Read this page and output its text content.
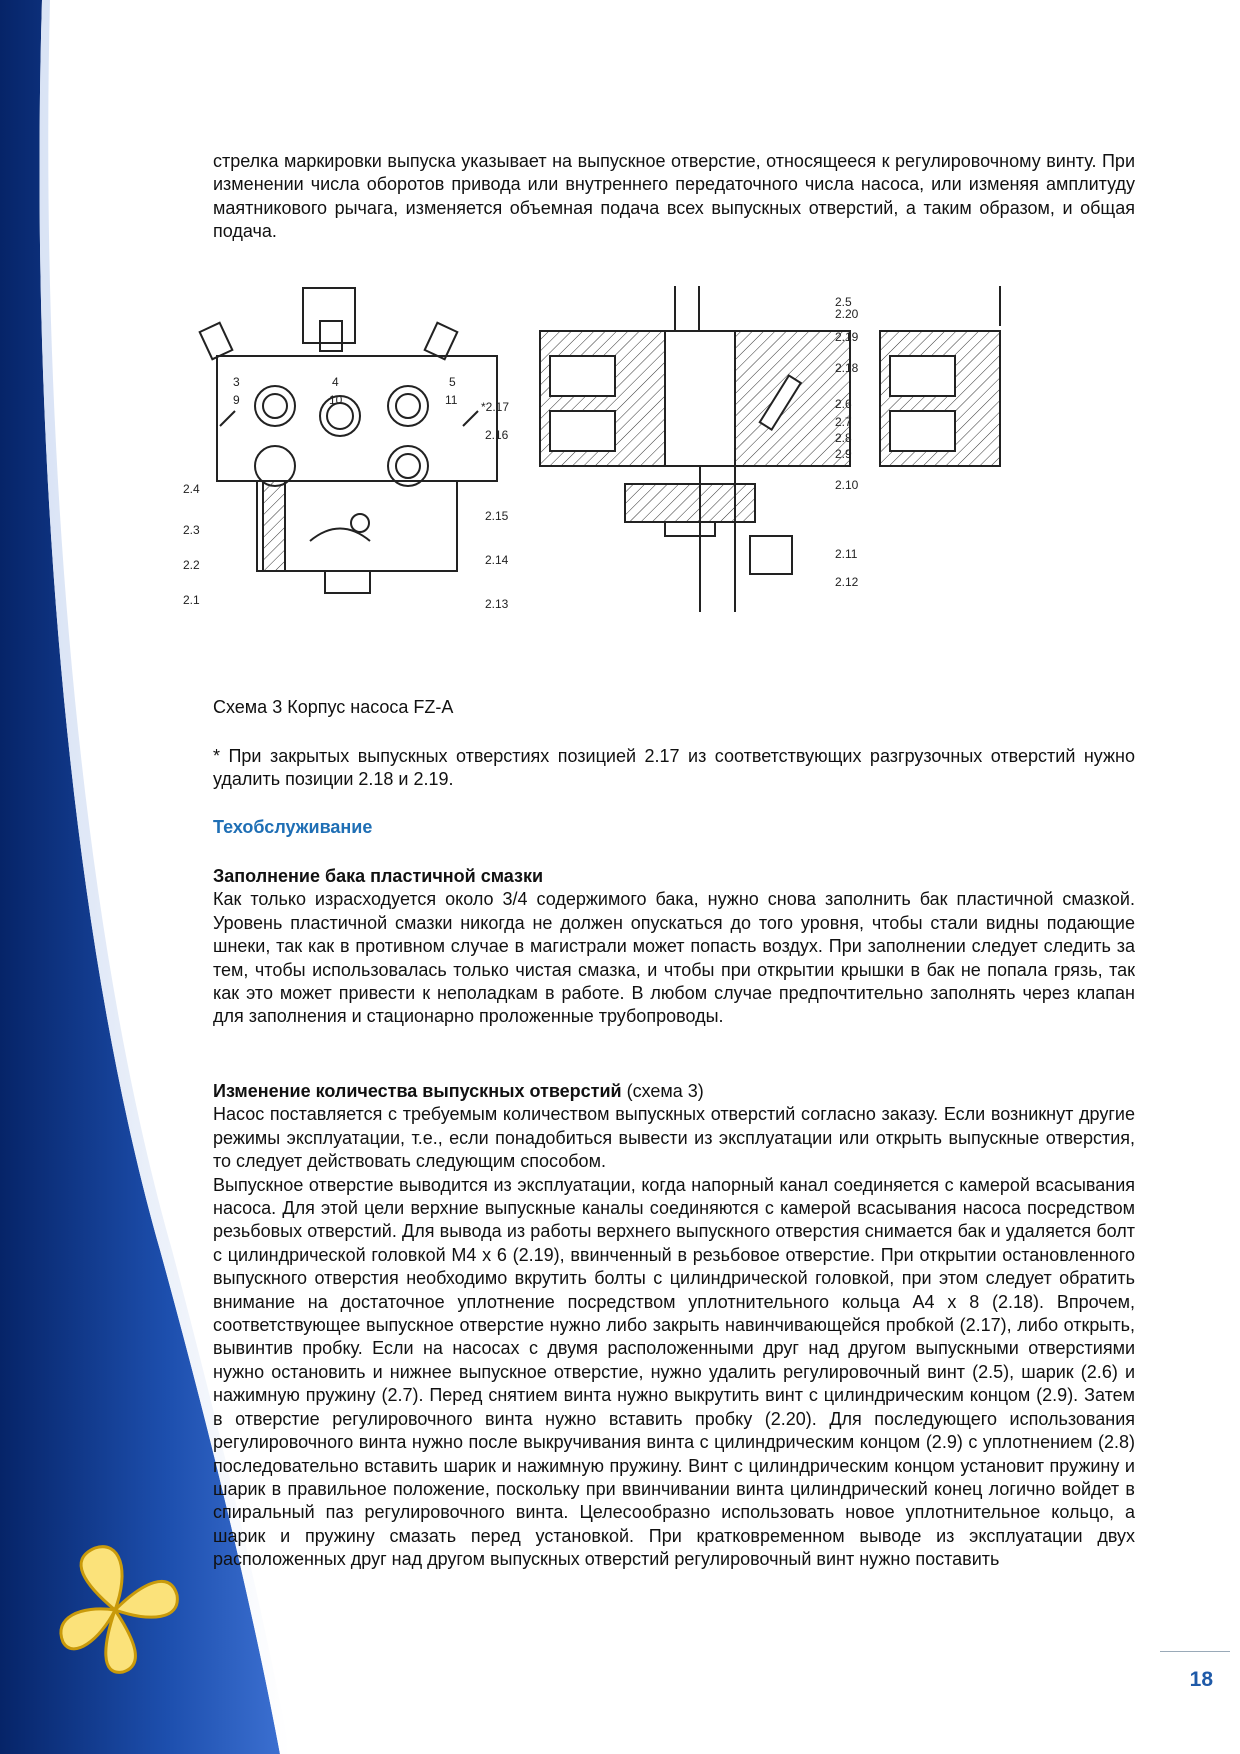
стрелка маркировки выпуска указывает на выпускное отверстие, относящееся к регулировочному винту. При изменении числа оборотов привода или внутреннего передаточного числа насоса, или изменяя амплитуду маятникового рычага, изменяется объемная подача всех выпускных отверстий, а таким образом, и общая подача.

3
9
4
10
5
11
2.4
2.3
2.2
2.1
*2.17
2.16
2.15
2.14
2.13
2.5
2.20
2.19
2.18
2.6
2.7
2.8
2.9
2.10
2.11
2.12
Схема 3 Корпус насоса FZ-A
* При закрытых выпускных отверстиях позицией 2.17 из соответствующих разгрузочных отверстий нужно удалить позиции 2.18 и 2.19.
Техобслуживание
Заполнение бака пластичной смазки

Как только израсходуется около 3/4 содержимого бака, нужно снова заполнить бак пластичной смазкой. Уровень пластичной смазки никогда не должен опускаться до того уровня, чтобы стали видны подающие шнеки, так как в противном случае в магистрали может попасть воздух. При заполнении следует следить за тем, чтобы использовалась только чистая смазка, и чтобы при открытии крышки в бак не попала грязь, так как это может привести к неполадкам в работе. В любом случае предпочтительно заполнять через клапан для заполнения и стационарно проложенные трубопроводы.

Изменение количества выпускных отверстий (схема 3)

Насос поставляется с требуемым количеством выпускных отверстий согласно заказу. Если возникнут другие режимы эксплуатации, т.е., если понадобиться вывести из эксплуатации или открыть выпускные отверстия, то следует действовать следующим способом.

Выпускное отверстие выводится из эксплуатации, когда напорный канал соединяется с камерой всасывания насоса. Для этой цели верхние выпускные каналы соединяются с камерой всасывания насоса посредством резьбовых отверстий. Для вывода из работы верхнего выпускного отверстия снимается бак и удаляется болт с цилиндрической головкой М4 x 6 (2.19), ввинченный в резьбовое отверстие. При открытии остановленного выпускного отверстия необходимо вкрутить болты с цилиндрической головкой, при этом следует обратить внимание на достаточное уплотнение посредством уплотнительного кольца А4 x 8 (2.18). Впрочем, соответствующее выпускное отверстие нужно либо закрыть навинчивающейся пробкой (2.17), либо открыть, вывинтив пробку. Если на насосах с двумя расположенными друг над другом выпускными отверстиями нужно остановить и нижнее выпускное отверстие, нужно удалить регулировочный винт (2.5), шарик (2.6) и нажимную пружину (2.7). Перед снятием винта нужно выкрутить винт с цилиндрическим концом (2.9). Затем в отверстие регулировочного винта нужно вставить пробку (2.20). Для последующего использования регулировочного винта нужно после выкручивания винта с цилиндрическим концом (2.9) с уплотнением (2.8) последовательно вставить шарик и нажимную пружину. Винт с цилиндрическим концом установит пружину и шарик в правильное положение, поскольку при ввинчивании винта цилиндрический конец логично войдет в спиральный паз регулировочного винта. Целесообразно использовать новое уплотнительное кольцо, а шарик и пружину смазать перед установкой. При кратковременном выводе из эксплуатации двух расположенных друг над другом выпускных отверстий регулировочный винт нужно поставить

18
